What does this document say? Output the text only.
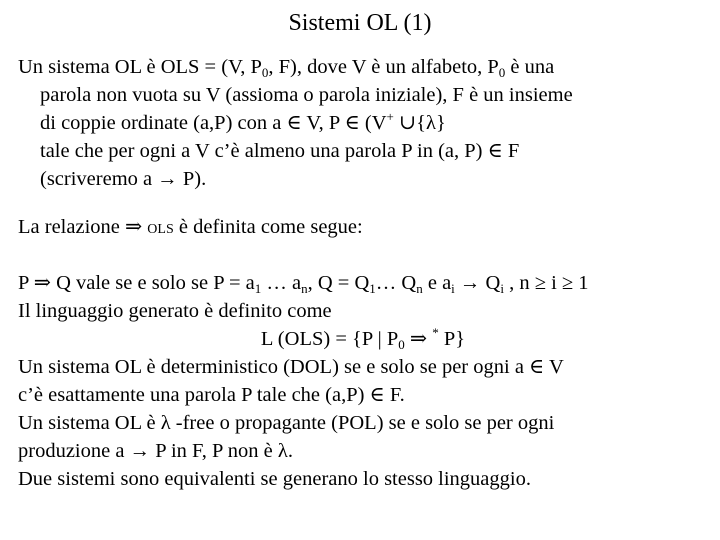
Sistemi OL (1)
Un sistema OL è OLS = (V, $P_0$, F), dove V è un alfabeto, $P_0$ è una
parola non vuota su V (assioma o parola iniziale), F è un insieme
di coppie ordinate (a,P) con a ∈ V, P ∈ (V+ ∪{λ}
tale che per ogni a V c’è almeno una parola P in (a, P) ∈ F
(scriveremo a → P).
La relazione ⇒ OLS è definita come segue:
P ⇒ Q vale se e solo se $P = a_1$ … $a_n$, $Q = Q_1\dots$ $Q_n$ e $a_i \to Q_i$ , n ≥ i ≥ 1
Il linguaggio generato è definito come
L (OLS) = {P | $P_0$ ⇒ * P}
Un sistema OL è deterministico (DOL) se e solo se per ogni a ∈ V
c’è esattamente una parola P tale che (a,P) ∈ F.
Un sistema OL è λ -free o propagante (POL) se e solo se per ogni
produzione a → P in F, P non è λ.
Due sistemi sono equivalenti se generano lo stesso linguaggio.
